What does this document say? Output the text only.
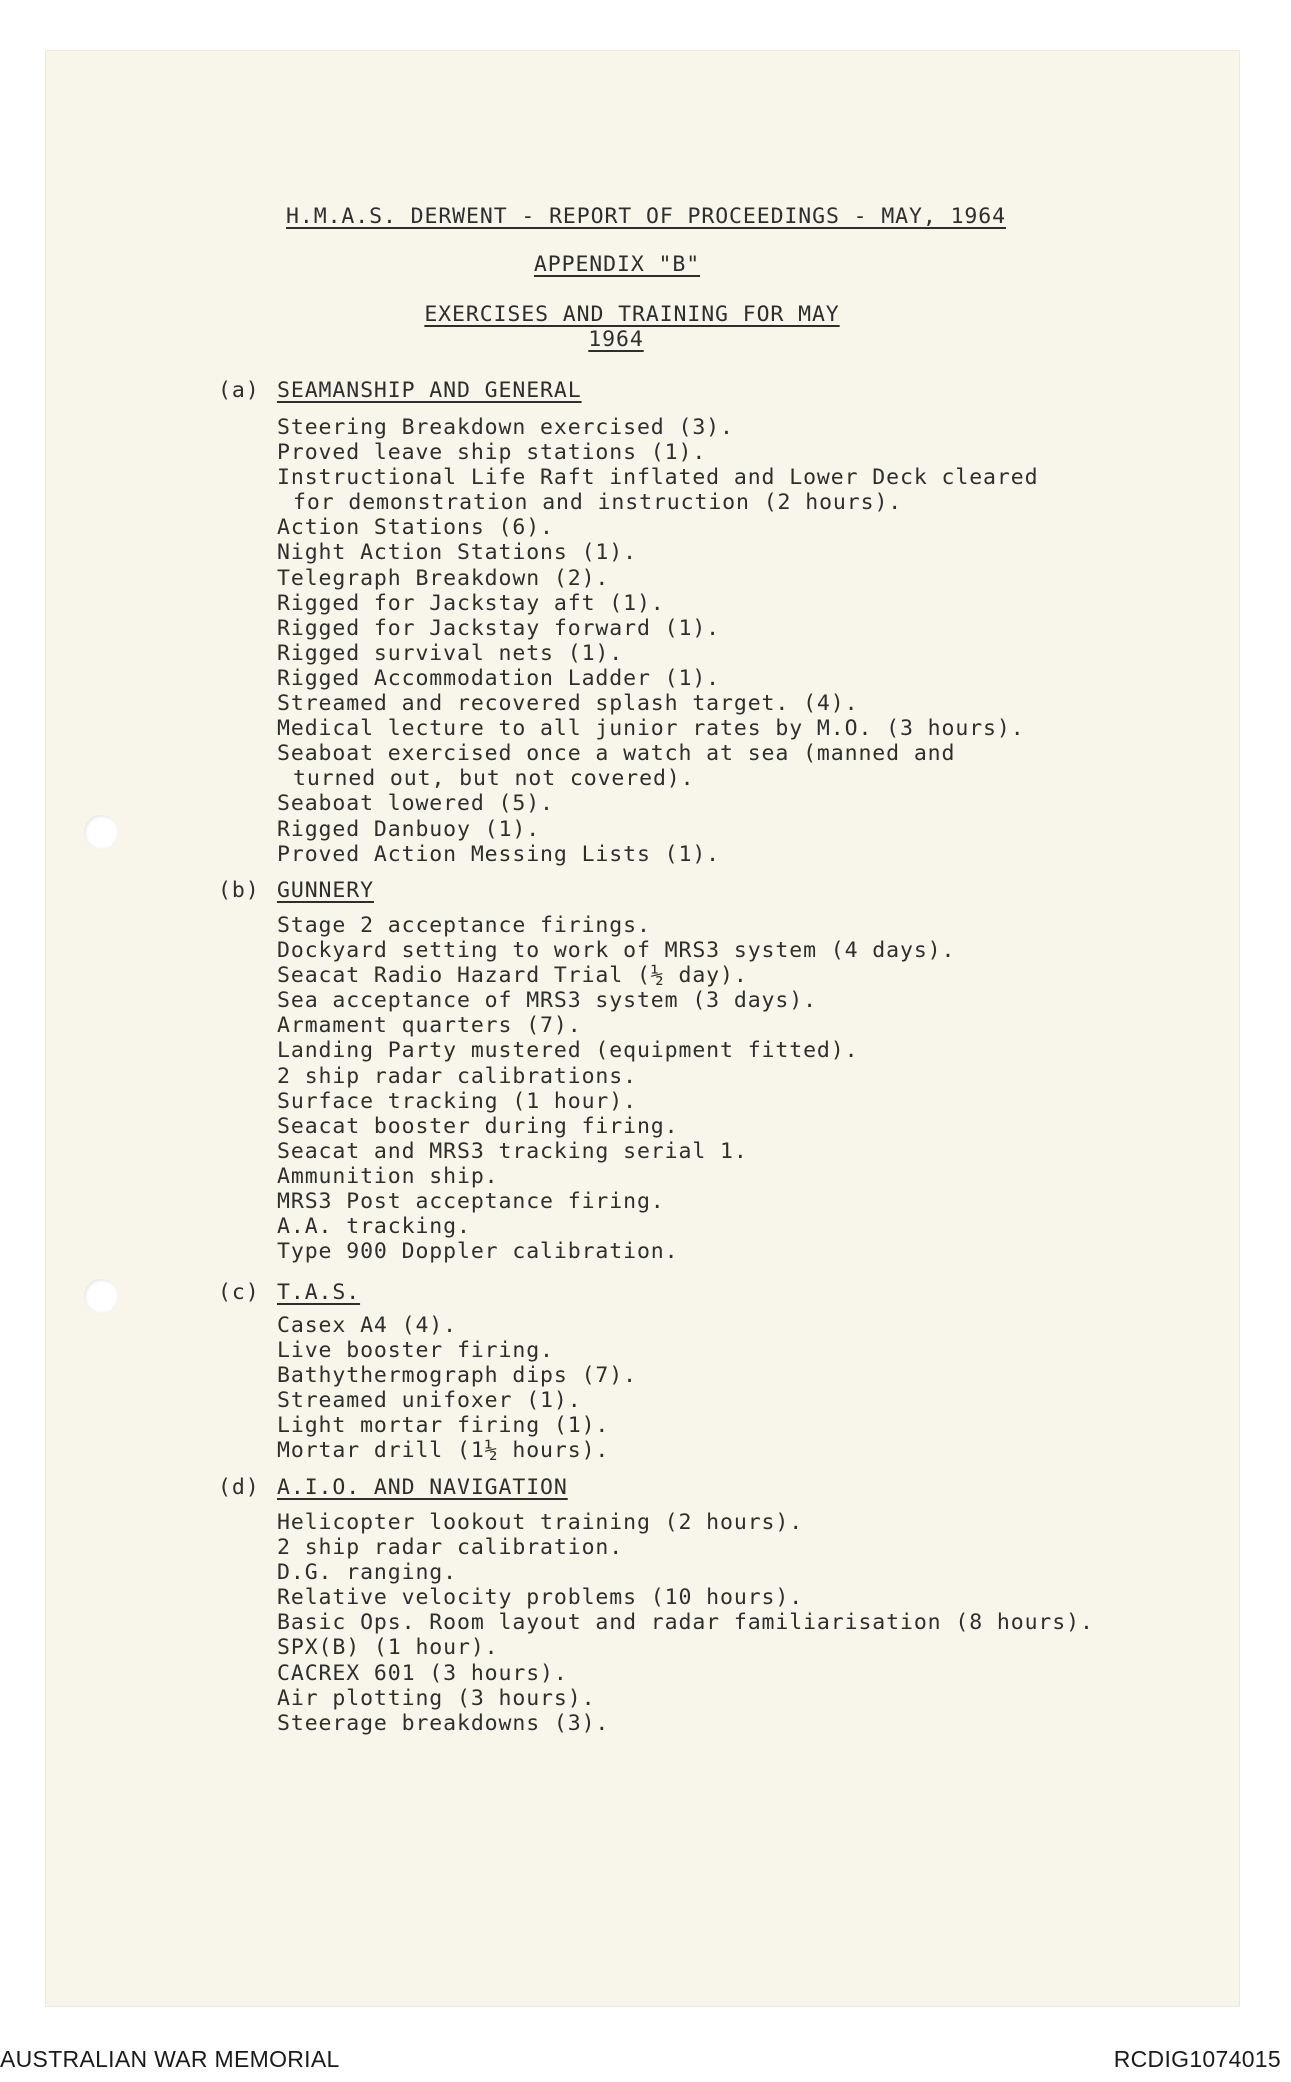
H.M.A.S. DERWENT - REPORT OF PROCEEDINGS - MAY, 1964
APPENDIX "B"
EXERCISES AND TRAINING FOR MAY
1964
(a) SEAMANSHIP AND GENERAL
Steering Breakdown exercised (3).
Proved leave ship stations (1).
Instructional Life Raft inflated and Lower Deck cleared
for demonstration and instruction (2 hours).
Action Stations (6).
Night Action Stations (1).
Telegraph Breakdown (2).
Rigged for Jackstay aft (1).
Rigged for Jackstay forward (1).
Rigged survival nets (1).
Rigged Accommodation Ladder (1).
Streamed and recovered splash target. (4).
Medical lecture to all junior rates by M.O. (3 hours).
Seaboat exercised once a watch at sea (manned and
turned out, but not covered).
Seaboat lowered (5).
Rigged Danbuoy (1).
Proved Action Messing Lists (1).
(b) GUNNERY
Stage 2 acceptance firings.
Dockyard setting to work of MRS3 system (4 days).
Seacat Radio Hazard Trial (½ day).
Sea acceptance of MRS3 system (3 days).
Armament quarters (7).
Landing Party mustered (equipment fitted).
2 ship radar calibrations.
Surface tracking (1 hour).
Seacat booster during firing.
Seacat and MRS3 tracking serial 1.
Ammunition ship.
MRS3 Post acceptance firing.
A.A. tracking.
Type 900 Doppler calibration.
(c) T.A.S.
Casex A4 (4).
Live booster firing.
Bathythermograph dips (7).
Streamed unifoxer (1).
Light mortar firing (1).
Mortar drill (1½ hours).
(d) A.I.O. AND NAVIGATION
Helicopter lookout training (2 hours).
2 ship radar calibration.
D.G. ranging.
Relative velocity problems (10 hours).
Basic Ops. Room layout and radar familiarisation (8 hours).
SPX(B) (1 hour).
CACREX 601 (3 hours).
Air plotting (3 hours).
Steerage breakdowns (3).
AUSTRALIAN WAR MEMORIAL	RCDIG1074015
